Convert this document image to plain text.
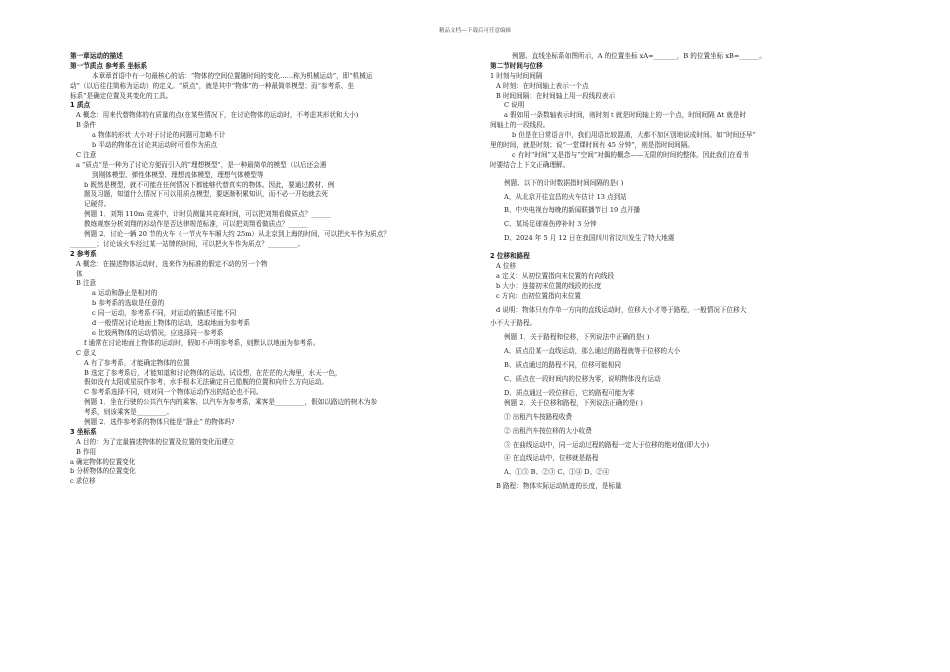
精品文档---下载后可任意编辑

第一章运动的描述

第一节质点 参考系 坐标系

本章章首语中有一句最核心的话：“物体的空间位置随时间的变化……称为机械运动”，即“机械运

动”（以后往往简称为运动）的定义。“质点”，就是其中“物体”的一种最简单模型；而“参考系、坐

标系”是确定位置及其变化的工具。

1 质点

A 概念：用来代替物体的有质量的点(在某些情况下，在讨论物体的运动时，不考虑其形状和大小)

B 条件

a 物体的形状 大小对于讨论的问题可忽略不计

b 平动的物体在讨论其运动时可看作为质点

C 注意

a “质点”是一种为了讨论方便而引入的“理想模型”，是一种最简单的模型（以后还会遇

到刚体模型、弹性体模型、理想流体模型，理想气体模型等

b 既然是模型，就不可能在任何情况下都能够代替真实的物体。因此，要通过教材、例

题及习题，知道什么情况下可以用质点模型，要逐渐积累知识，而不必一开始就去死

记硬背。

例题 1．刘翔 110m 竞赛中，计时员测量其竞赛时间，可以把刘翔看做质点？______

教练观察分析刘翔的衫动作是否达律规范标准，可以把刘翔看做质点？______

例题 2．讨论一辆 20 节的火车（一节火车车厢大约 25m）从北京到上海的时间，可以把火车作为质点？

________；讨论该火车经过某一站牌的时间，可以把火车作为质点？_________。

2 参考系

A 概念：在描述物体运动时，选来作为标准的假定不动的另一个物

体

B 注意

a 运动和静止是相对的

b 参考系的选取是任意的

c 同一运动，参考系不同，对运动的描述可能不同

d 一般情况讨论地面上物体的运动，选取地面为参考系

e 比较两物体的运动情况，应选择同一参考系

f 通常在讨论地面上物体的运动时，假如不声明参考系，则默认以地面为参考系。

C 意义

A 有了参考系，才能确定物体的位置

B 选定了参考系后，才能知道和讨论物体的运动。试设想，在茫茫的大海里，水天一色，

假如没有太阳或星辰作参考，水手根本无法确定自己船舰的位置和向什么方向运动。

C 参考系选择不同，则对同一个物体运动作出的结论也不同。

例题 1．坐在行驶的公共汽车内的乘客，以汽车为参考系，乘客是_________，假如以路边的树木为参

考系，则该乘客是_________。

例题 2．选作参考系的物体只能是“静止” 的物体吗?

3 坐标系

A 目的：为了定量描述物体的位置及位置的变化而建立

B 作用

a 确定物体的位置变化

b 分析物体的位置变化

c 求位移

例题、直线坐标系如图所示，A 的位置坐标 xA=_______，B 的位置坐标 xB=______。

第二节时间与位移

1 时刻与时间间隔

A 时刻：在时间轴上表示一个点

B 时间间隔：在时间轴上用一段线段表示

C 说明

a 假如用一条数轴表示时间，则时刻 t 就是时间轴上的一个点，时间间隔 Δt 就是时

间轴上的一段线段。

b 但是在日常语言中，我们用语比较混淆，大都不加区别地说成时间。如“时间还早”

里的时间，就是时刻；说“一堂课时间有 45 分钟”，则是指时间间隔。

c 有时“时间”又是指与“空间”对偶的概念——无限的时间的整体。因此我们在看书

时要结合上下文正确理解。

例题、以下的计时数据指时间间隔的是( )

A、从北京开往宜昌的火车估计 13 点到站

B、中央电视台每晚的新闻联播节目 19 点开播

C、某场足球赛伤停补时 3 分钟

D、2024 年 5 月 12 日在我国四川省汶川发生了特大地震

2 位移和路程

A 位移

a 定义：从初位置指向末位置的有向线段

b 大小：连接初末位置的线段的长度

c 方向：由初位置指向末位置

d 说明：物体只有作单一方向的直线运动时，位移大小才等于路程，一般情况下位移大

小不大于路程。

例题 1．关于路程和位移，下列说法中正确的是( )

A、质点沿某一直线运动，那么通过的路程就等于位移的大小

B、质点通过的路程不同，位移可能相同

C、质点在一段时间内的位移为零，说明物体没有运动

D、质点通过一段位移后，它的路程可能为零

例题 2．关于位移和路程，下列说法正确的是( )

① 出租汽车按路程收费

② 出租汽车按位移的大小收费

③ 在曲线运动中，同一运动过程的路程一定大于位移的绝对值(即大小)

④ 在直线运动中，位移就是路程

A、①③ B、②③ C、①④ D、②④

B 路程：物体实际运动轨迹的长度，是标量
